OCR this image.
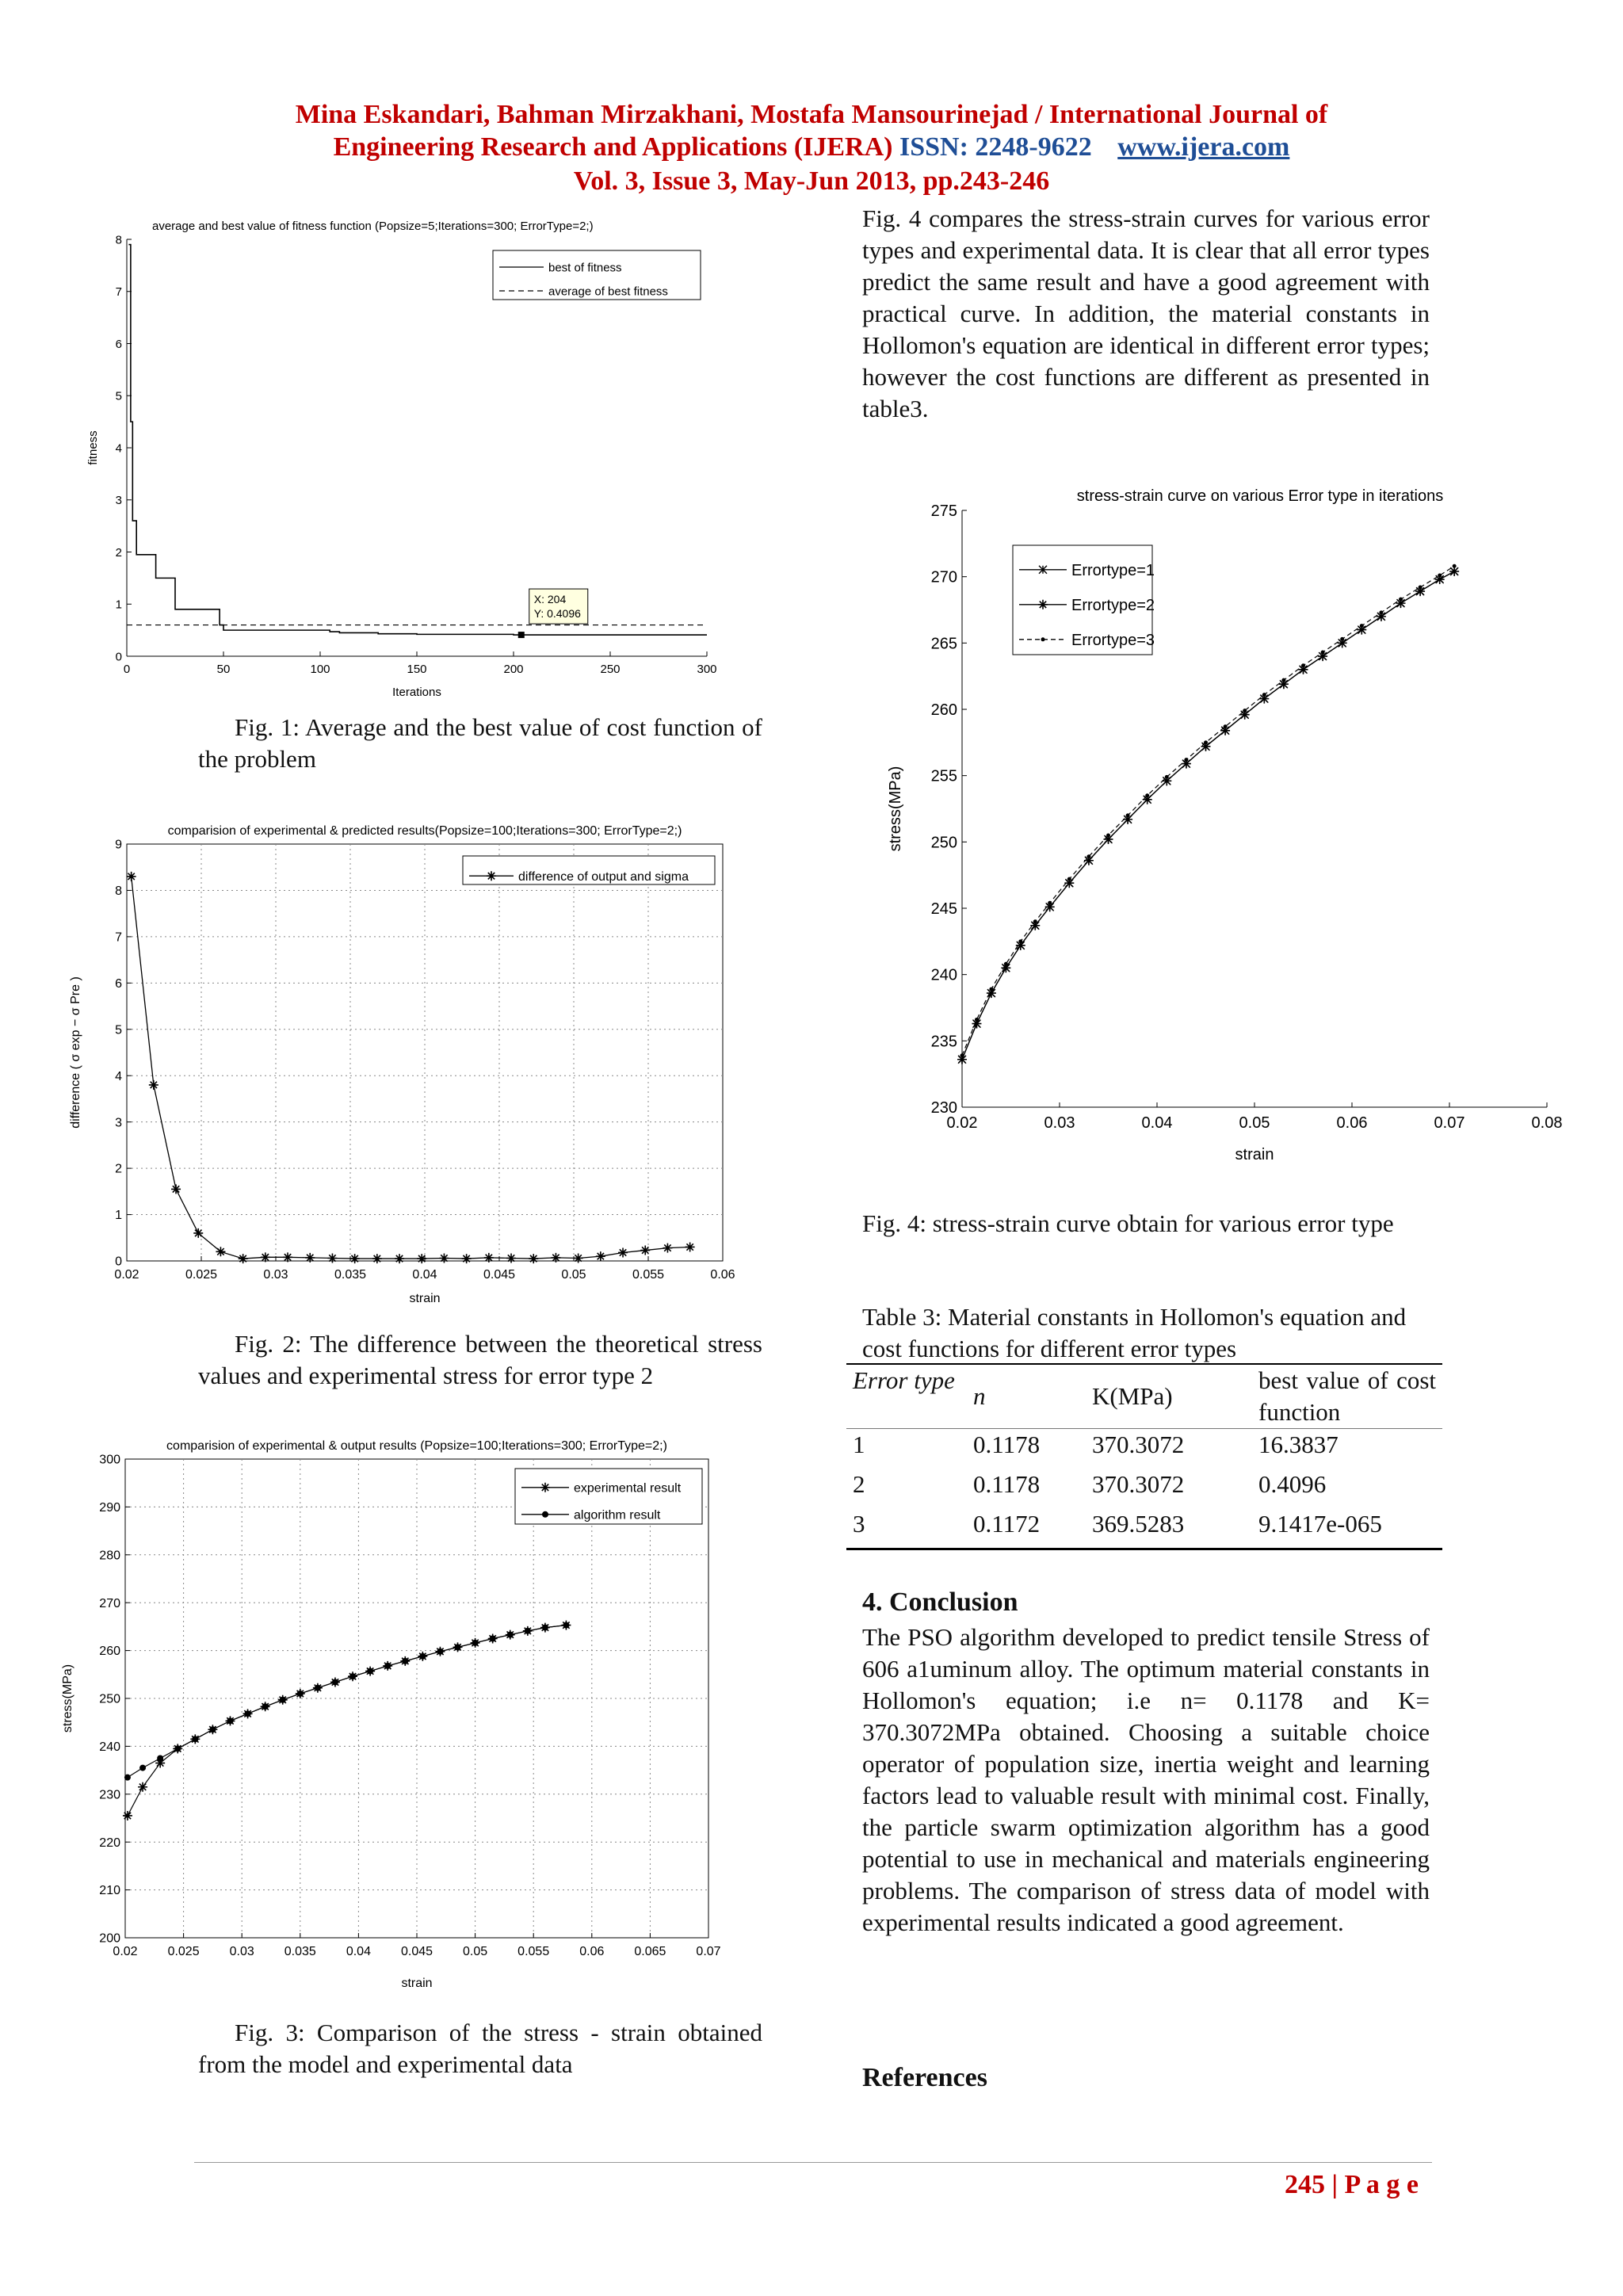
Mina Eskandari, Bahman Mirzakhani, Mostafa Mansourinejad / International Journal of
Engineering Research and Applications (IJERA) ISSN: 2248-9622 www.ijera.com
Vol. 3, Issue 3, May-Jun 2013, pp.243-246
average and best value of fitness function (Popsize=5;Iterations=300; ErrorType=2;)
0	50	100	150	200	250	300
0
1
2
3
4
5
6
7
8
Iterations
fitness
best of fitness
average of best fitness
X: 204
Y: 0.4096
Fig. 1: Average and the best value of cost function of the problem
comparision of experimental & predicted results(Popsize=100;Iterations=300; ErrorType=2;)
0.02	0.025	0.03	0.035	0.04	0.045	0.05	0.055	0.06
0
1
2
3
4
5
6
7
8
9
strain
difference ( σ exp − σ Pre )
difference of output and sigma
Fig. 2: The difference between the theoretical stress values and experimental stress for error type 2
comparision of experimental & output results (Popsize=100;Iterations=300; ErrorType=2;)
0.02 0.025 0.03 0.035 0.04 0.045 0.05 0.055 0.06 0.065 0.07
200
210
220
230
240
250
260
270
280
290
300
strain
stress(MPa)
experimental result
algorithm result
Fig. 3: Comparison of the stress - strain obtained from the model and experimental data
Fig. 4 compares the stress-strain curves for various error types and experimental data. It is clear that all error types predict the same result and have a good agreement with practical curve. In addition, the material constants in Hollomon's equation are identical in different error types; however the cost functions are different as presented in table3.
stress-strain curve on various Error type in iterations
0.02	0.03	0.04	0.05	0.06	0.07	0.08
230
235
240
245
250
255
260
265
270
275
strain
stress(MPa)
Errortype=1
Errortype=2
Errortype=3
Fig. 4: stress-strain curve obtain for various error type
Table 3: Material constants in Hollomon's equation and cost functions for different error types
Error type	n	K(MPa)	best value of cost function
1	0.1178	370.3072	16.3837
2	0.1178	370.3072	0.4096
3	0.1172	369.5283	9.1417e-065
4. Conclusion
The PSO algorithm developed to predict tensile Stress of 606 a1uminum alloy. The optimum material constants in Hollomon's equation; i.e n= 0.1178 and K= 370.3072MPa obtained. Choosing a suitable choice operator of population size, inertia weight and learning factors lead to valuable result with minimal cost. Finally, the particle swarm optimization algorithm has a good potential to use in mechanical and materials engineering problems. The comparison of stress data of model with experimental results indicated a good agreement.
References
245 | P a g e
